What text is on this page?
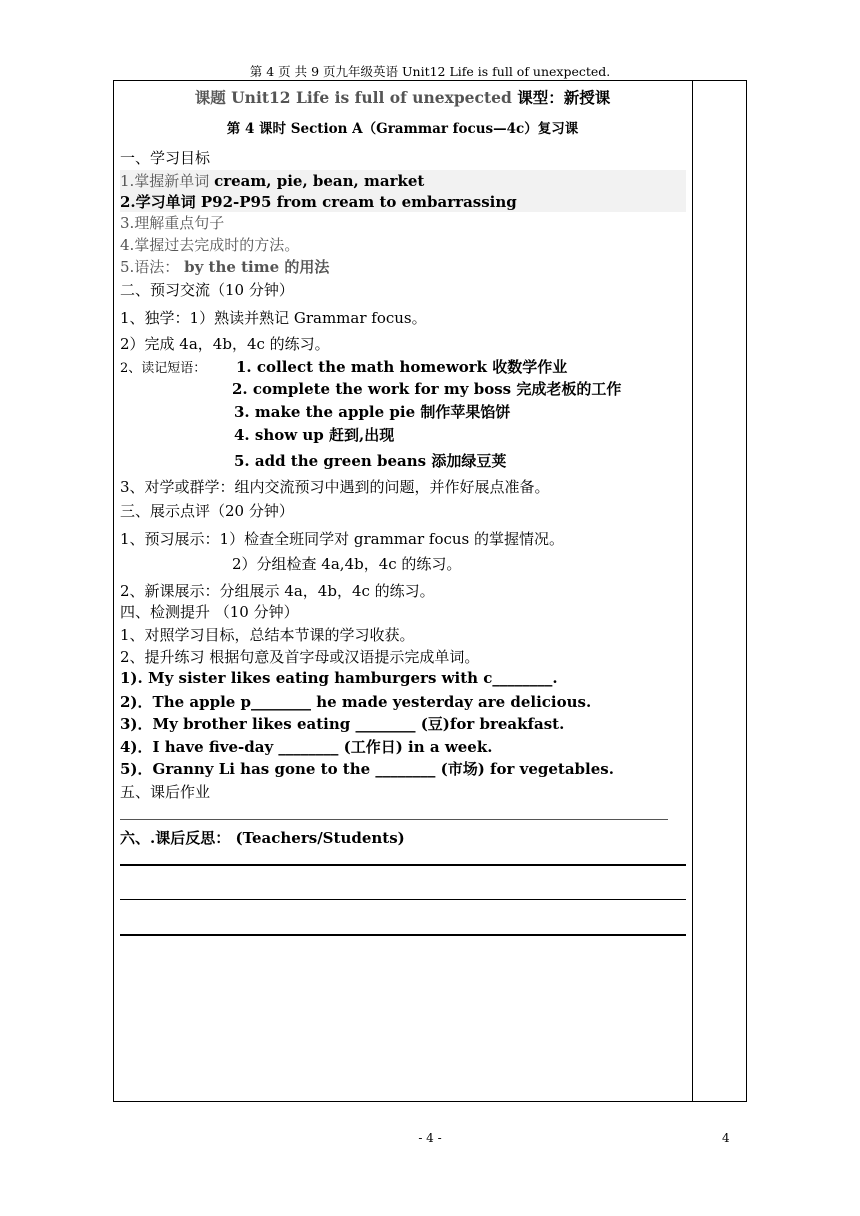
第 4 页 共 9 页九年级英语 Unit12 Life is full of unexpected.
课题 Unit12 Life is full of unexpected 课型：新授课
第 4 课时 Section A（Grammar focus—4c）复习课
一、学习目标
1.掌握新单词 cream, pie, bean, market
2.学习单词 P92-P95 from cream to embarrassing
3.理解重点句子
4.掌握过去完成时的方法。
5.语法： by the time 的用法
二、预习交流（10 分钟）
1、独学：1）熟读并熟记 Grammar focus。
2）完成 4a，4b，4c 的练习。
2、读记短语： 1. collect the math homework 收数学作业
2. complete the work for my boss 完成老板的工作
3. make the apple pie 制作苹果馅饼
4. show up 赶到,出现
5. add the green beans 添加绿豆荚
3、对学或群学：组内交流预习中遇到的问题，并作好展点准备。
三、展示点评（20 分钟）
1、预习展示：1）检查全班同学对 grammar focus 的掌握情况。
2）分组检查 4a,4b，4c 的练习。
2、新课展示：分组展示 4a，4b，4c 的练习。
四、检测提升 （10 分钟）
1、对照学习目标，总结本节课的学习收获。
2、提升练习 根据句意及首字母或汉语提示完成单词。
1). My sister likes eating hamburgers with c________.
2)．The apple p________ he made yesterday are delicious.
3)．My brother likes eating ________ (豆)for breakfast.
4)．I have five-day ________ (工作日) in a week.
5)．Granny Li has gone to the ________ (市场) for vegetables.
五、课后作业
六、.课后反思： (Teachers/Students)
- 4 -	4
